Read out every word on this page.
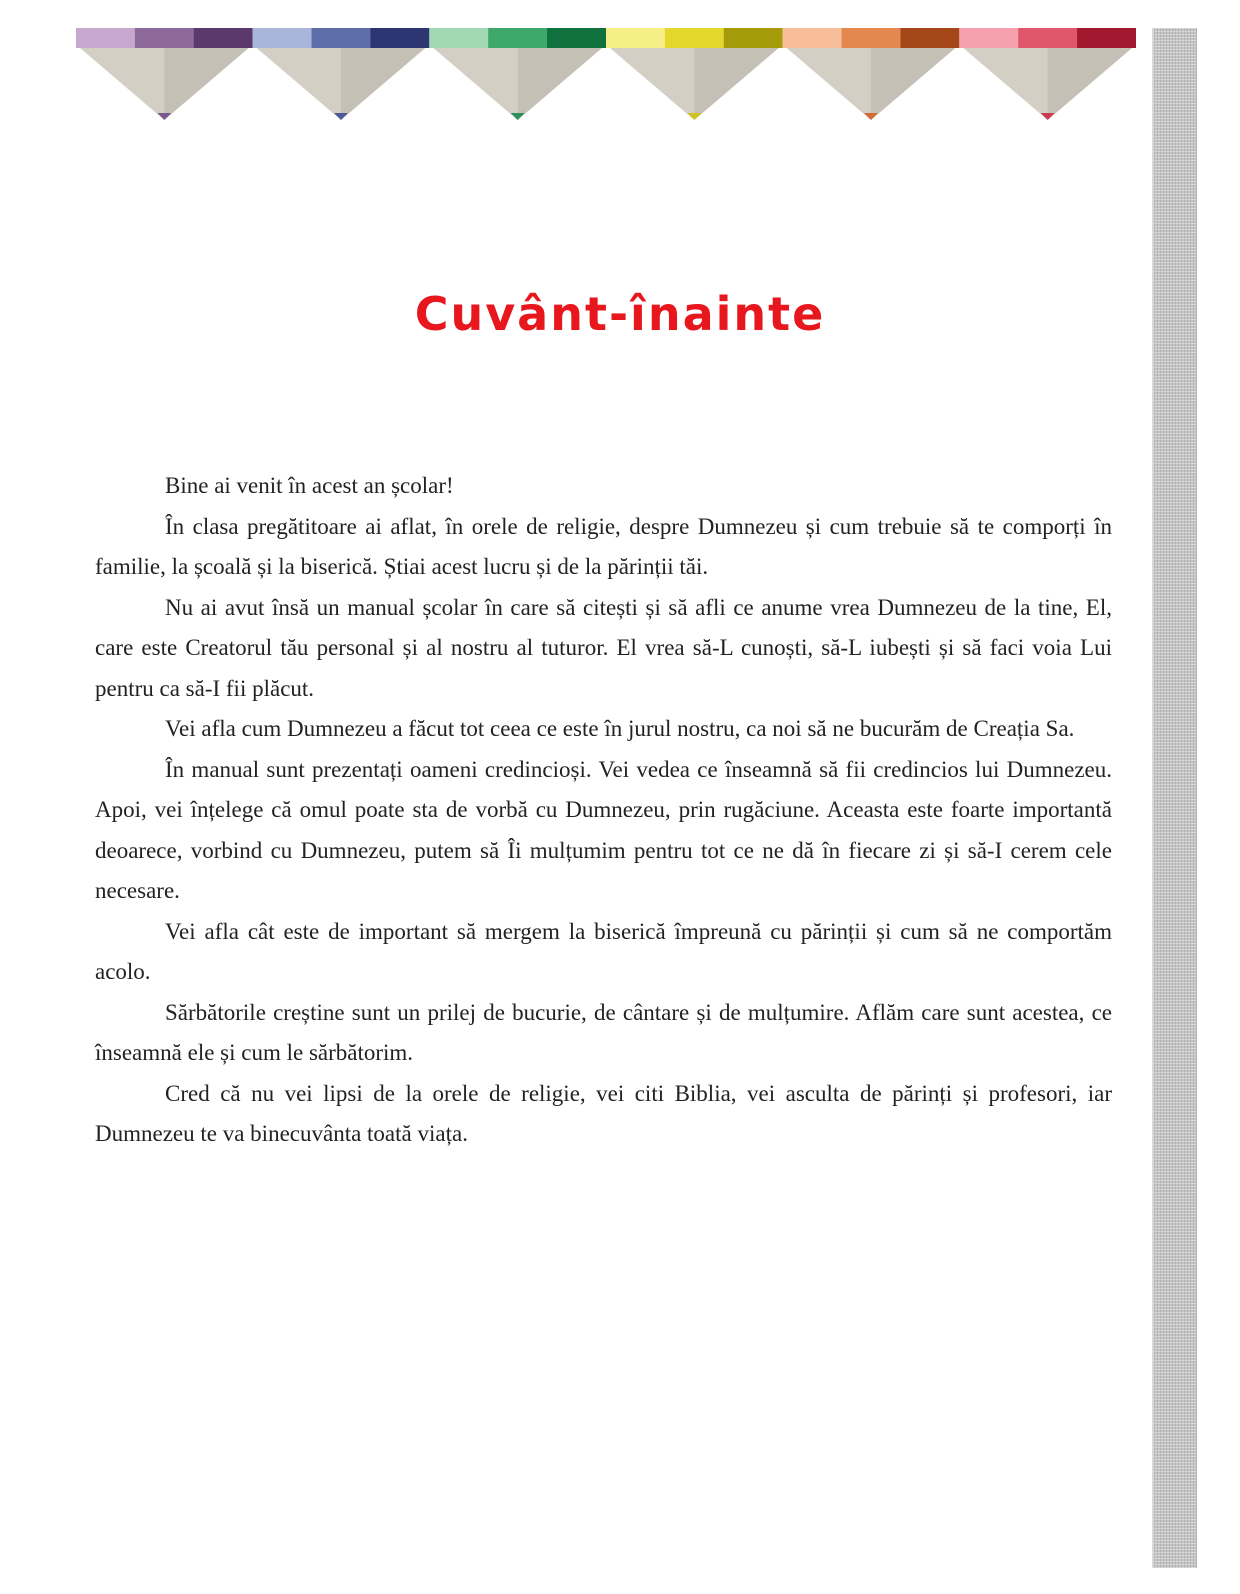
Cuvânt-înainte

Bine ai venit în acest an școlar!

În clasa pregătitoare ai aflat, în orele de religie, despre Dumnezeu și cum trebuie să te comporți în familie, la școală și la biserică. Știai acest lucru și de la părinții tăi.

Nu ai avut însă un manual școlar în care să citești și să afli ce anume vrea Dumnezeu de la tine, El, care este Creatorul tău personal și al nostru al tuturor. El vrea să-L cunoști, să-L iubești și să faci voia Lui pentru ca să-I fii plăcut.

Vei afla cum Dumnezeu a făcut tot ceea ce este în jurul nostru, ca noi să ne bucurăm de Creația Sa.

În manual sunt prezentați oameni credincioși. Vei vedea ce înseamnă să fii credincios lui Dumnezeu. Apoi, vei înțelege că omul poate sta de vorbă cu Dumnezeu, prin rugăciune. Aceasta este foarte importantă deoarece, vorbind cu Dumnezeu, putem să Îi mulțumim pentru tot ce ne dă în fiecare zi și să-I cerem cele necesare.

Vei afla cât este de important să mergem la biserică împreună cu părinții și cum să ne comportăm acolo.

Sărbătorile creștine sunt un prilej de bucurie, de cântare și de mulțumire. Aflăm care sunt acestea, ce înseamnă ele și cum le sărbătorim.

Cred că nu vei lipsi de la orele de religie, vei citi Biblia, vei asculta de părinți și profesori, iar Dumnezeu te va binecuvânta toată viața.
